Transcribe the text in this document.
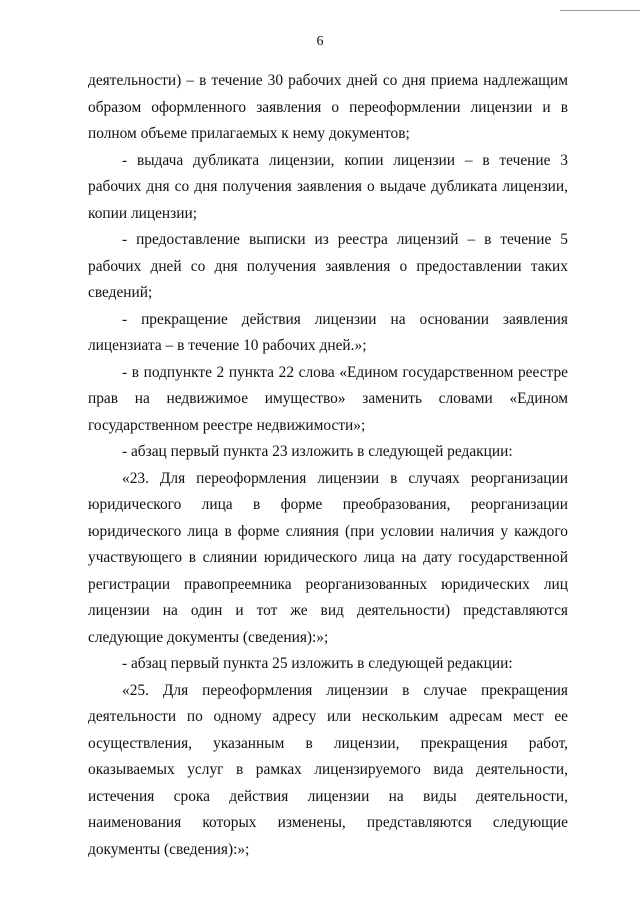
6

деятельности) – в течение 30 рабочих дней со дня приема надлежащим образом оформленного заявления о переоформлении лицензии и в полном объеме прилагаемых к нему документов;

- выдача дубликата лицензии, копии лицензии – в течение 3 рабочих дня со дня получения заявления о выдаче дубликата лицензии, копии лицензии;

- предоставление выписки из реестра лицензий – в течение 5 рабочих дней со дня получения заявления о предоставлении таких сведений;

- прекращение действия лицензии на основании заявления лицензиата – в течение 10 рабочих дней.»;

- в подпункте 2 пункта 22 слова «Едином государственном реестре прав на недвижимое имущество» заменить словами «Едином государственном реестре недвижимости»;

- абзац первый пункта 23 изложить в следующей редакции:

«23. Для переоформления лицензии в случаях реорганизации юридического лица в форме преобразования, реорганизации юридического лица в форме слияния (при условии наличия у каждого участвующего в слиянии юридического лица на дату государственной регистрации правопреемника реорганизованных юридических лиц лицензии на один и тот же вид деятельности) представляются следующие документы (сведения):»;

- абзац первый пункта 25 изложить в следующей редакции:

«25. Для переоформления лицензии в случае прекращения деятельности по одному адресу или нескольким адресам мест ее осуществления, указанным в лицензии, прекращения работ, оказываемых услуг в рамках лицензируемого вида деятельности, истечения срока действия лицензии на виды деятельности, наименования которых изменены, представляются следующие документы (сведения):»;
